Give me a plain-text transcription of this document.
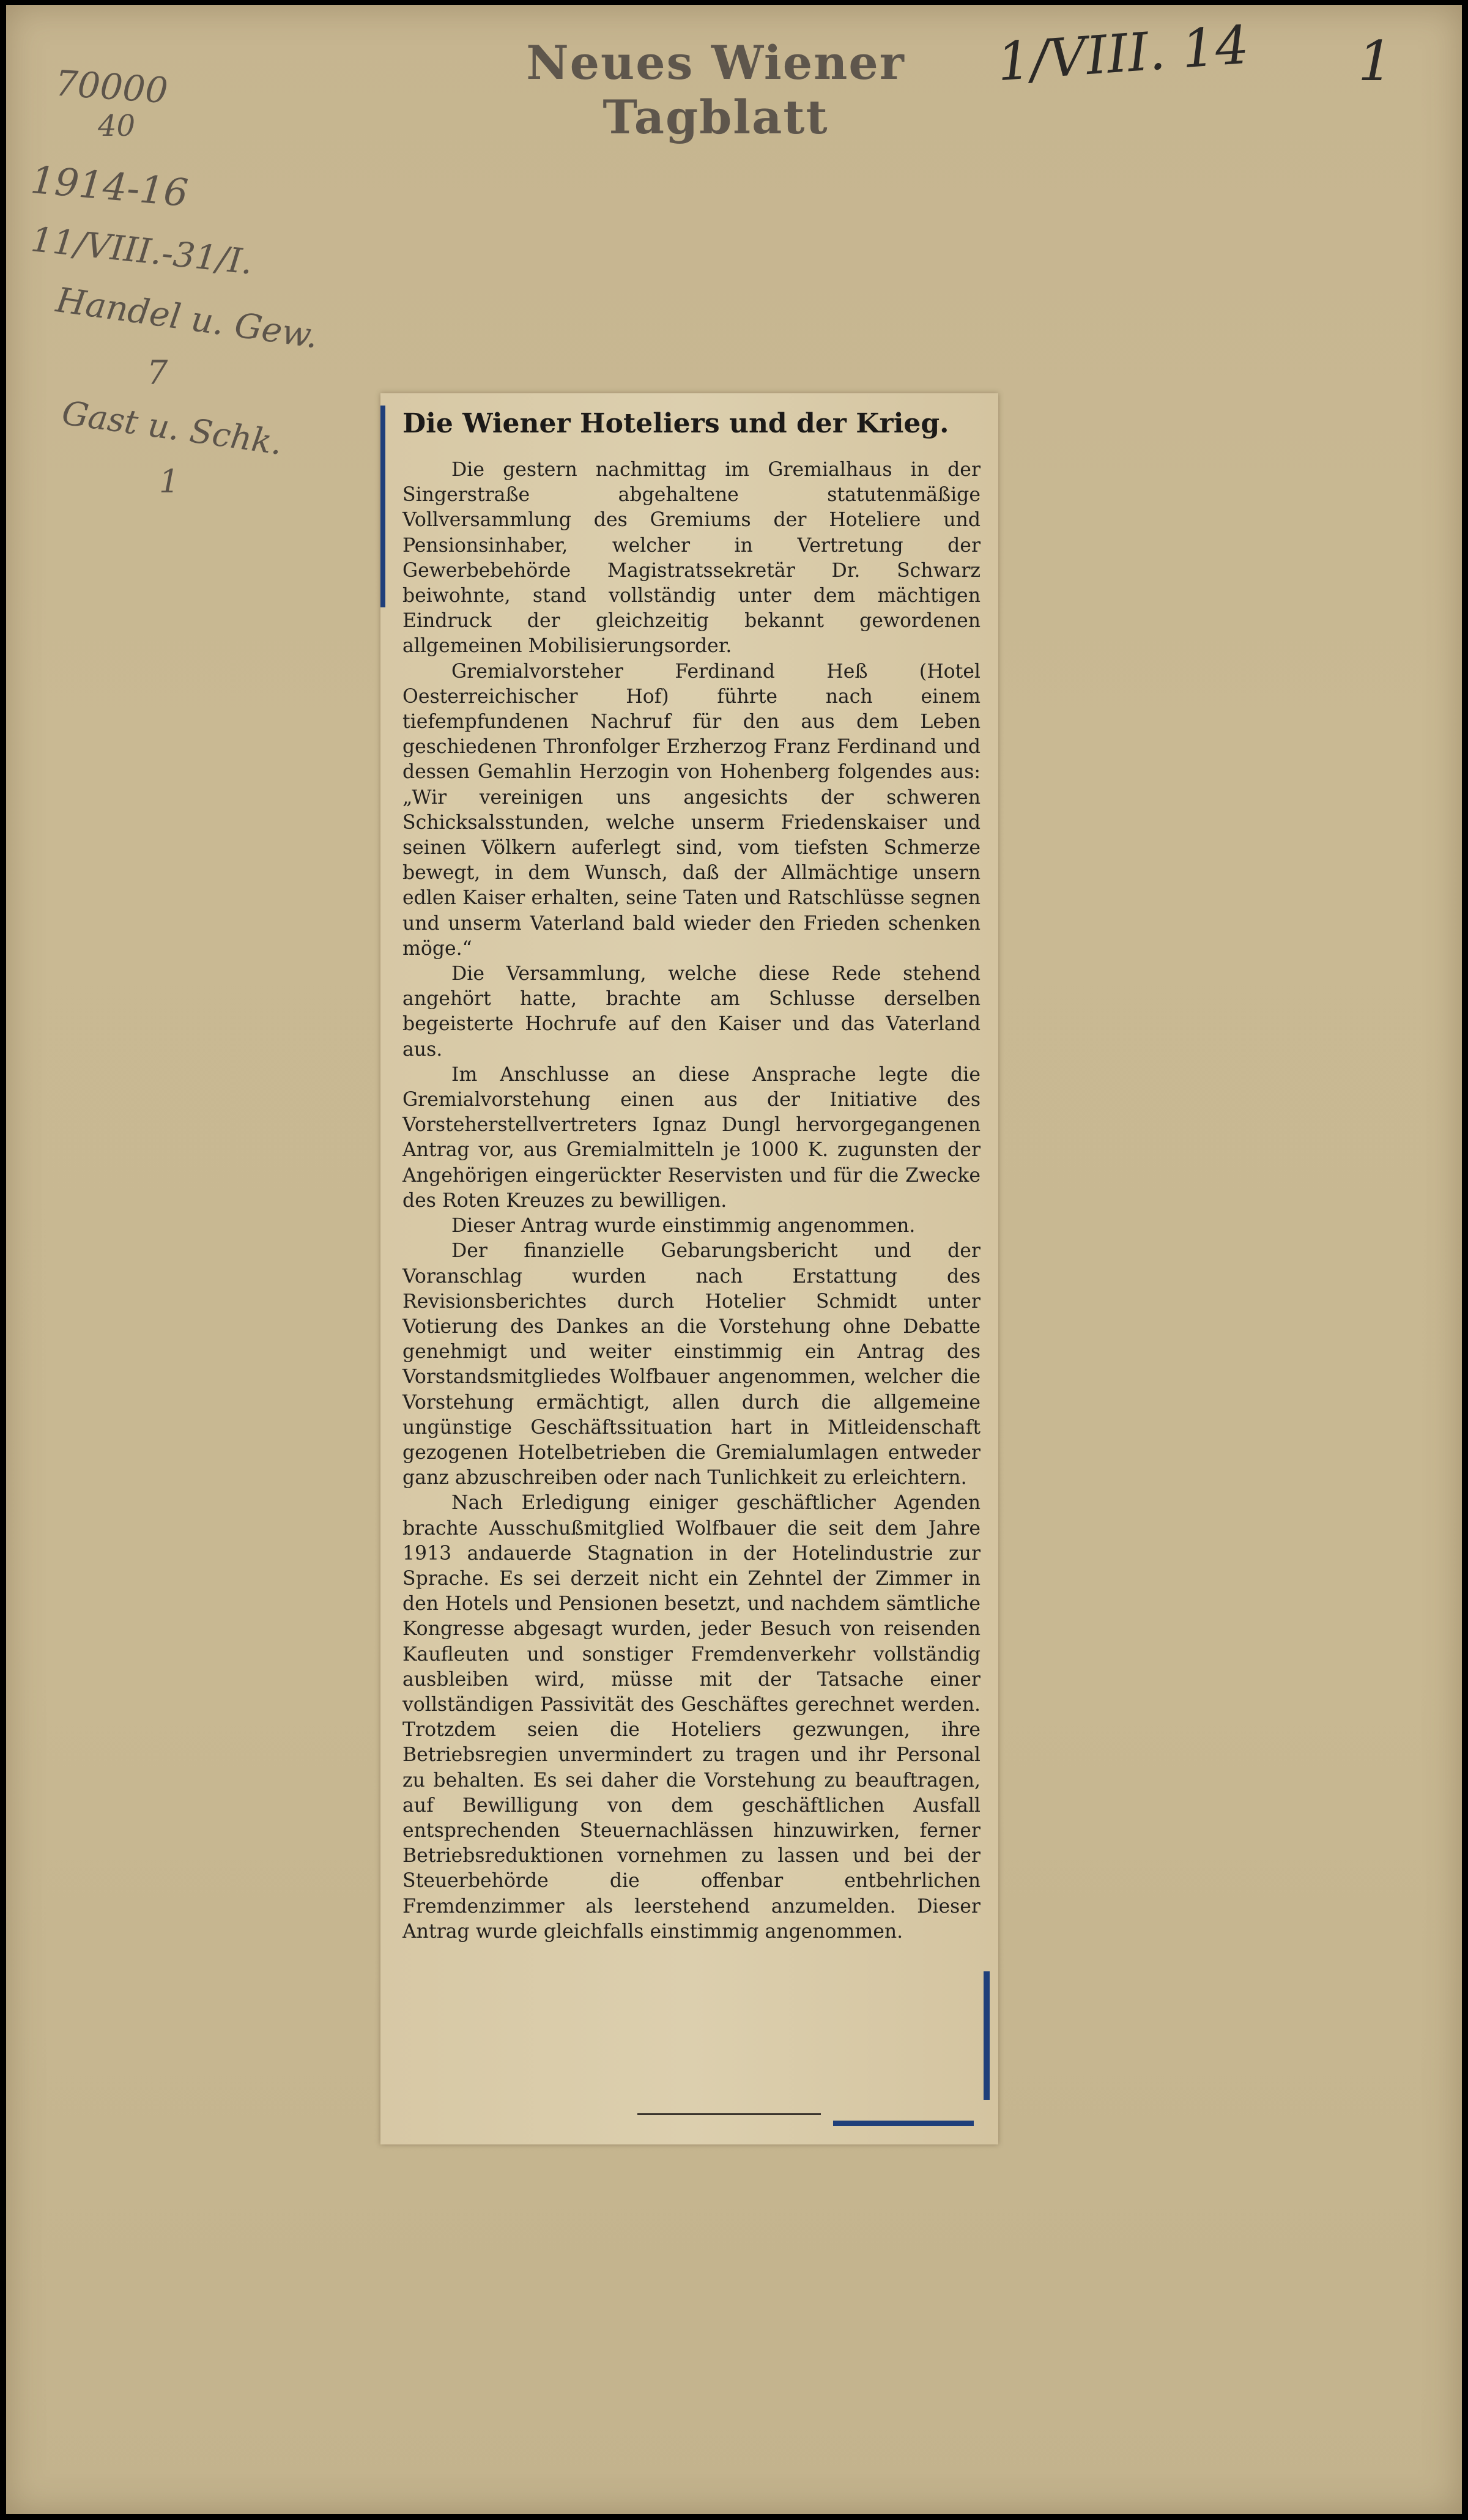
Neues Wiener Tagblatt
1/VIII. 14 1
70000
40
1914-16
11/VIII.-31/I.
Handel u. Gew.
7
Gast u. Schk.
1
Die Wiener Hoteliers und der Krieg.

Die gestern nachmittag im Gremialhaus in der Singerstraße abgehaltene statutenmäßige Vollversammlung des Gremiums der Hoteliere und Pensionsinhaber, welcher in Vertretung der Gewerbebehörde Magistratssekretär Dr. Schwarz beiwohnte, stand vollständig unter dem mächtigen Eindruck der gleichzeitig bekannt gewordenen allgemeinen Mobilisierungsorder.

Gremialvorsteher Ferdinand Heß (Hotel Oesterreichischer Hof) führte nach einem tiefempfundenen Nachruf für den aus dem Leben geschiedenen Thronfolger Erzherzog Franz Ferdinand und dessen Gemahlin Herzogin von Hohenberg folgendes aus: „Wir vereinigen uns angesichts der schweren Schicksalsstunden, welche unserm Friedenskaiser und seinen Völkern auferlegt sind, vom tiefsten Schmerze bewegt, in dem Wunsch, daß der Allmächtige unsern edlen Kaiser erhalten, seine Taten und Ratschlüsse segnen und unserm Vaterland bald wieder den Frieden schenken möge.“

Die Versammlung, welche diese Rede stehend angehört hatte, brachte am Schlusse derselben begeisterte Hochrufe auf den Kaiser und das Vaterland aus.

Im Anschlusse an diese Ansprache legte die Gremialvorstehung einen aus der Initiative des Vorsteherstellvertreters Ignaz Dungl hervorgegangenen Antrag vor, aus Gremialmitteln je 1000 K. zugunsten der Angehörigen eingerückter Reservisten und für die Zwecke des Roten Kreuzes zu bewilligen.

Dieser Antrag wurde einstimmig angenommen.

Der finanzielle Gebarungsbericht und der Voranschlag wurden nach Erstattung des Revisionsberichtes durch Hotelier Schmidt unter Votierung des Dankes an die Vorstehung ohne Debatte genehmigt und weiter einstimmig ein Antrag des Vorstandsmitgliedes Wolfbauer angenommen, welcher die Vorstehung ermächtigt, allen durch die allgemeine ungünstige Geschäftssituation hart in Mitleidenschaft gezogenen Hotelbetrieben die Gremialumlagen entweder ganz abzuschreiben oder nach Tunlichkeit zu erleichtern.

Nach Erledigung einiger geschäftlicher Agenden brachte Ausschußmitglied Wolfbauer die seit dem Jahre 1913 andauerde Stagnation in der Hotelindustrie zur Sprache. Es sei derzeit nicht ein Zehntel der Zimmer in den Hotels und Pensionen besetzt, und nachdem sämtliche Kongresse abgesagt wurden, jeder Besuch von reisenden Kaufleuten und sonstiger Fremdenverkehr vollständig ausbleiben wird, müsse mit der Tatsache einer vollständigen Passivität des Geschäftes gerechnet werden. Trotzdem seien die Hoteliers gezwungen, ihre Betriebsregien unvermindert zu tragen und ihr Personal zu behalten. Es sei daher die Vorstehung zu beauftragen, auf Bewilligung von dem geschäftlichen Ausfall entsprechenden Steuernachlässen hinzuwirken, ferner Betriebsreduktionen vornehmen zu lassen und bei der Steuerbehörde die offenbar entbehrlichen Fremdenzimmer als leerstehend anzumelden. Dieser Antrag wurde gleichfalls einstimmig angenommen.
